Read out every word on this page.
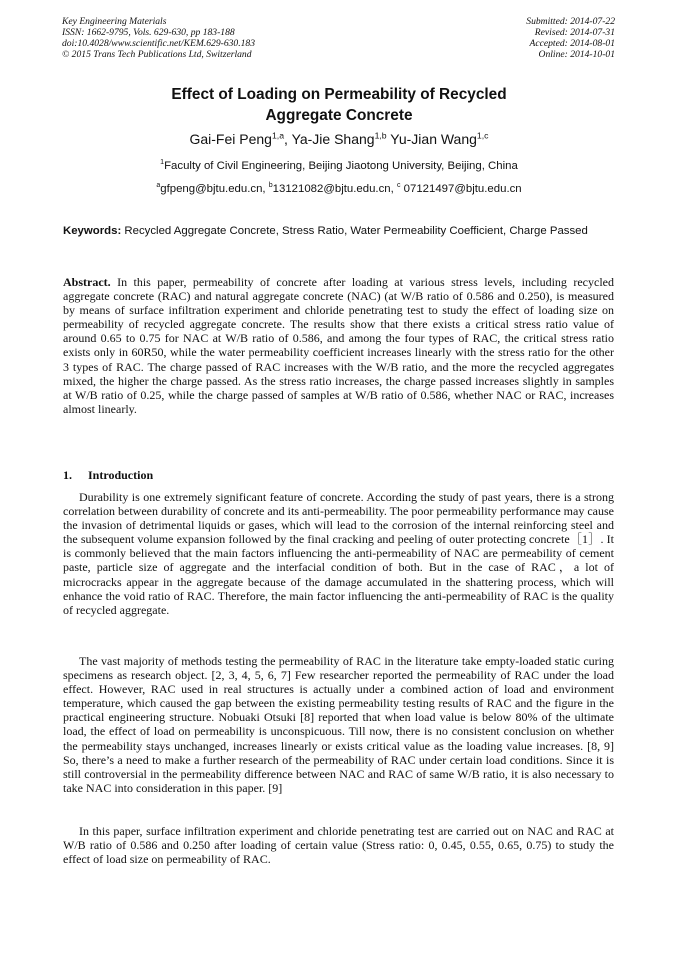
Key Engineering Materials
ISSN: 1662-9795, Vols. 629-630, pp 183-188
doi:10.4028/www.scientific.net/KEM.629-630.183
© 2015 Trans Tech Publications Ltd, Switzerland
Submitted: 2014-07-22
Revised: 2014-07-31
Accepted: 2014-08-01
Online: 2014-10-01
Effect of Loading on Permeability of Recycled
Aggregate Concrete
Gai-Fei Peng$^{1,a}$, Ya-Jie Shang$^{1,b}$ Yu-Jian Wang$^{1,c}$
$^1$Faculty of Civil Engineering, Beijing Jiaotong University, Beijing, China
$^a$gfpeng@bjtu.edu.cn, $^b$13121082@bjtu.edu.cn, $^c$ 07121497@bjtu.edu.cn
Keywords: Recycled Aggregate Concrete, Stress Ratio, Water Permeability Coefficient, Charge Passed
Abstract. In this paper, permeability of concrete after loading at various stress levels, including recycled aggregate concrete (RAC) and natural aggregate concrete (NAC) (at W/B ratio of 0.586 and 0.250), is measured by means of surface infiltration experiment and chloride penetrating test to study the effect of loading size on permeability of recycled aggregate concrete. The results show that there exists a critical stress ratio value of around 0.65 to 0.75 for NAC at W/B ratio of 0.586, and among the four types of RAC, the critical stress ratio exists only in 60R50, while the water permeability coefficient increases linearly with the stress ratio for the other 3 types of RAC. The charge passed of RAC increases with the W/B ratio, and the more the recycled aggregates mixed, the higher the charge passed. As the stress ratio increases, the charge passed increases slightly in samples at W/B ratio of 0.25, while the charge passed of samples at W/B ratio of 0.586, whether NAC or RAC, increases almost linearly.
1. Introduction

Durability is one extremely significant feature of concrete. According the study of past years, there is a strong correlation between durability of concrete and its anti-permeability. The poor permeability performance may cause the invasion of detrimental liquids or gases, which will lead to the corrosion of the internal reinforcing steel and the subsequent volume expansion followed by the final cracking and peeling of outer protecting concrete［1］. It is commonly believed that the main factors influencing the anti-permeability of NAC are permeability of cement paste, particle size of aggregate and the interfacial condition of both. But in the case of RAC，a lot of microcracks appear in the aggregate because of the damage accumulated in the shattering process, which will enhance the void ratio of RAC. Therefore, the main factor influencing the anti-permeability of RAC is the quality of recycled aggregate.

The vast majority of methods testing the permeability of RAC in the literature take empty-loaded static curing specimens as research object. [2, 3, 4, 5, 6, 7] Few researcher reported the permeability of RAC under the load effect. However, RAC used in real structures is actually under a combined action of load and environment temperature, which caused the gap between the existing permeability testing results of RAC and the figure in the practical engineering structure. Nobuaki Otsuki [8] reported that when load value is below 80% of the ultimate load, the effect of load on permeability is unconspicuous. Till now, there is no consistent conclusion on whether the permeability stays unchanged, increases linearly or exists critical value as the loading value increases. [8, 9] So, there’s a need to make a further research of the permeability of RAC under certain load conditions. Since it is still controversial in the permeability difference between NAC and RAC of same W/B ratio, it is also necessary to take NAC into consideration in this paper. [9]

In this paper, surface infiltration experiment and chloride penetrating test are carried out on NAC and RAC at W/B ratio of 0.586 and 0.250 after loading of certain value (Stress ratio: 0, 0.45, 0.55, 0.65, 0.75) to study the effect of load size on permeability of RAC.
